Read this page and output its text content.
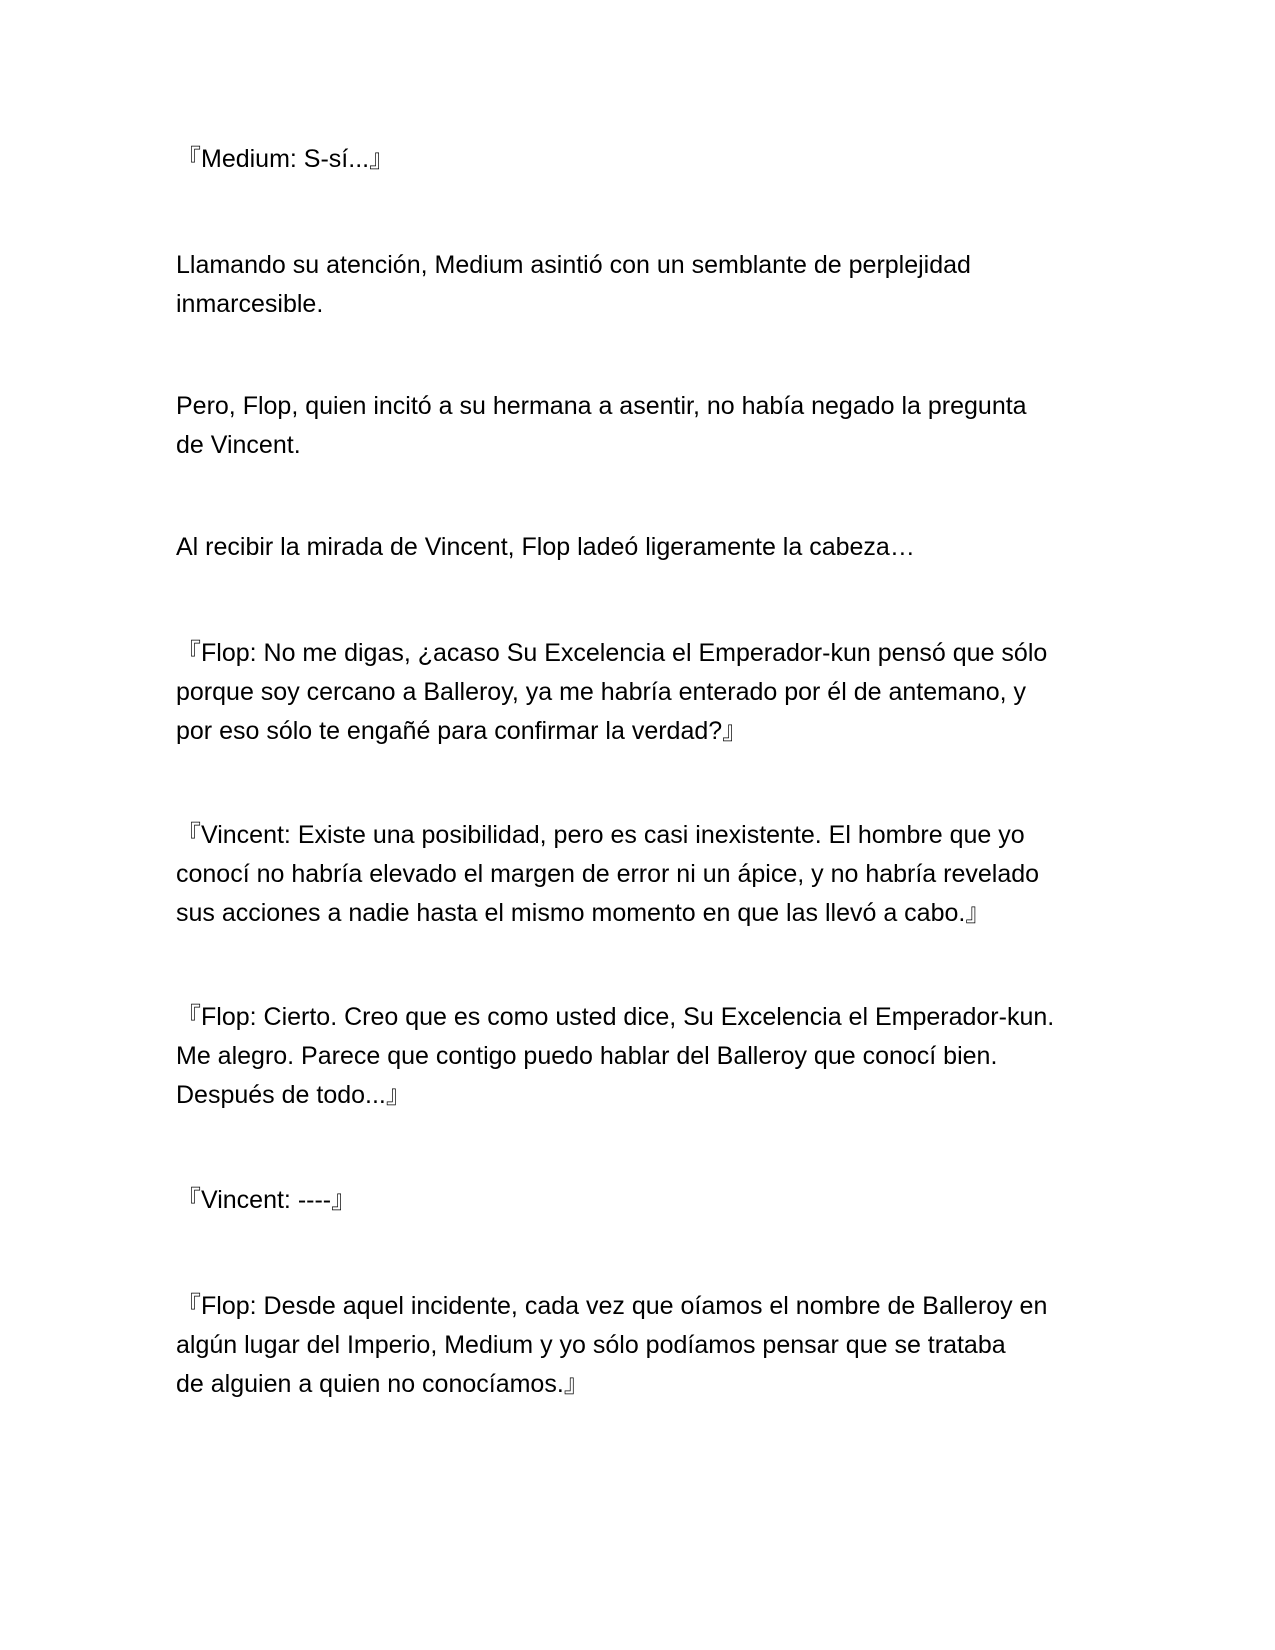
『Medium: S-sí...』

Llamando su atención, Medium asintió con un semblante de perplejidad
inmarcesible.

Pero, Flop, quien incitó a su hermana a asentir, no había negado la pregunta
de Vincent.

Al recibir la mirada de Vincent, Flop ladeó ligeramente la cabeza…

『Flop: No me digas, ¿acaso Su Excelencia el Emperador-kun pensó que sólo
porque soy cercano a Balleroy, ya me habría enterado por él de antemano, y
por eso sólo te engañé para confirmar la verdad?』

『Vincent: Existe una posibilidad, pero es casi inexistente. El hombre que yo
conocí no habría elevado el margen de error ni un ápice, y no habría revelado
sus acciones a nadie hasta el mismo momento en que las llevó a cabo.』

『Flop: Cierto. Creo que es como usted dice, Su Excelencia el Emperador-kun.
Me alegro. Parece que contigo puedo hablar del Balleroy que conocí bien.
Después de todo...』

『Vincent: ----』

『Flop: Desde aquel incidente, cada vez que oíamos el nombre de Balleroy en
algún lugar del Imperio, Medium y yo sólo podíamos pensar que se trataba
de alguien a quien no conocíamos.』
